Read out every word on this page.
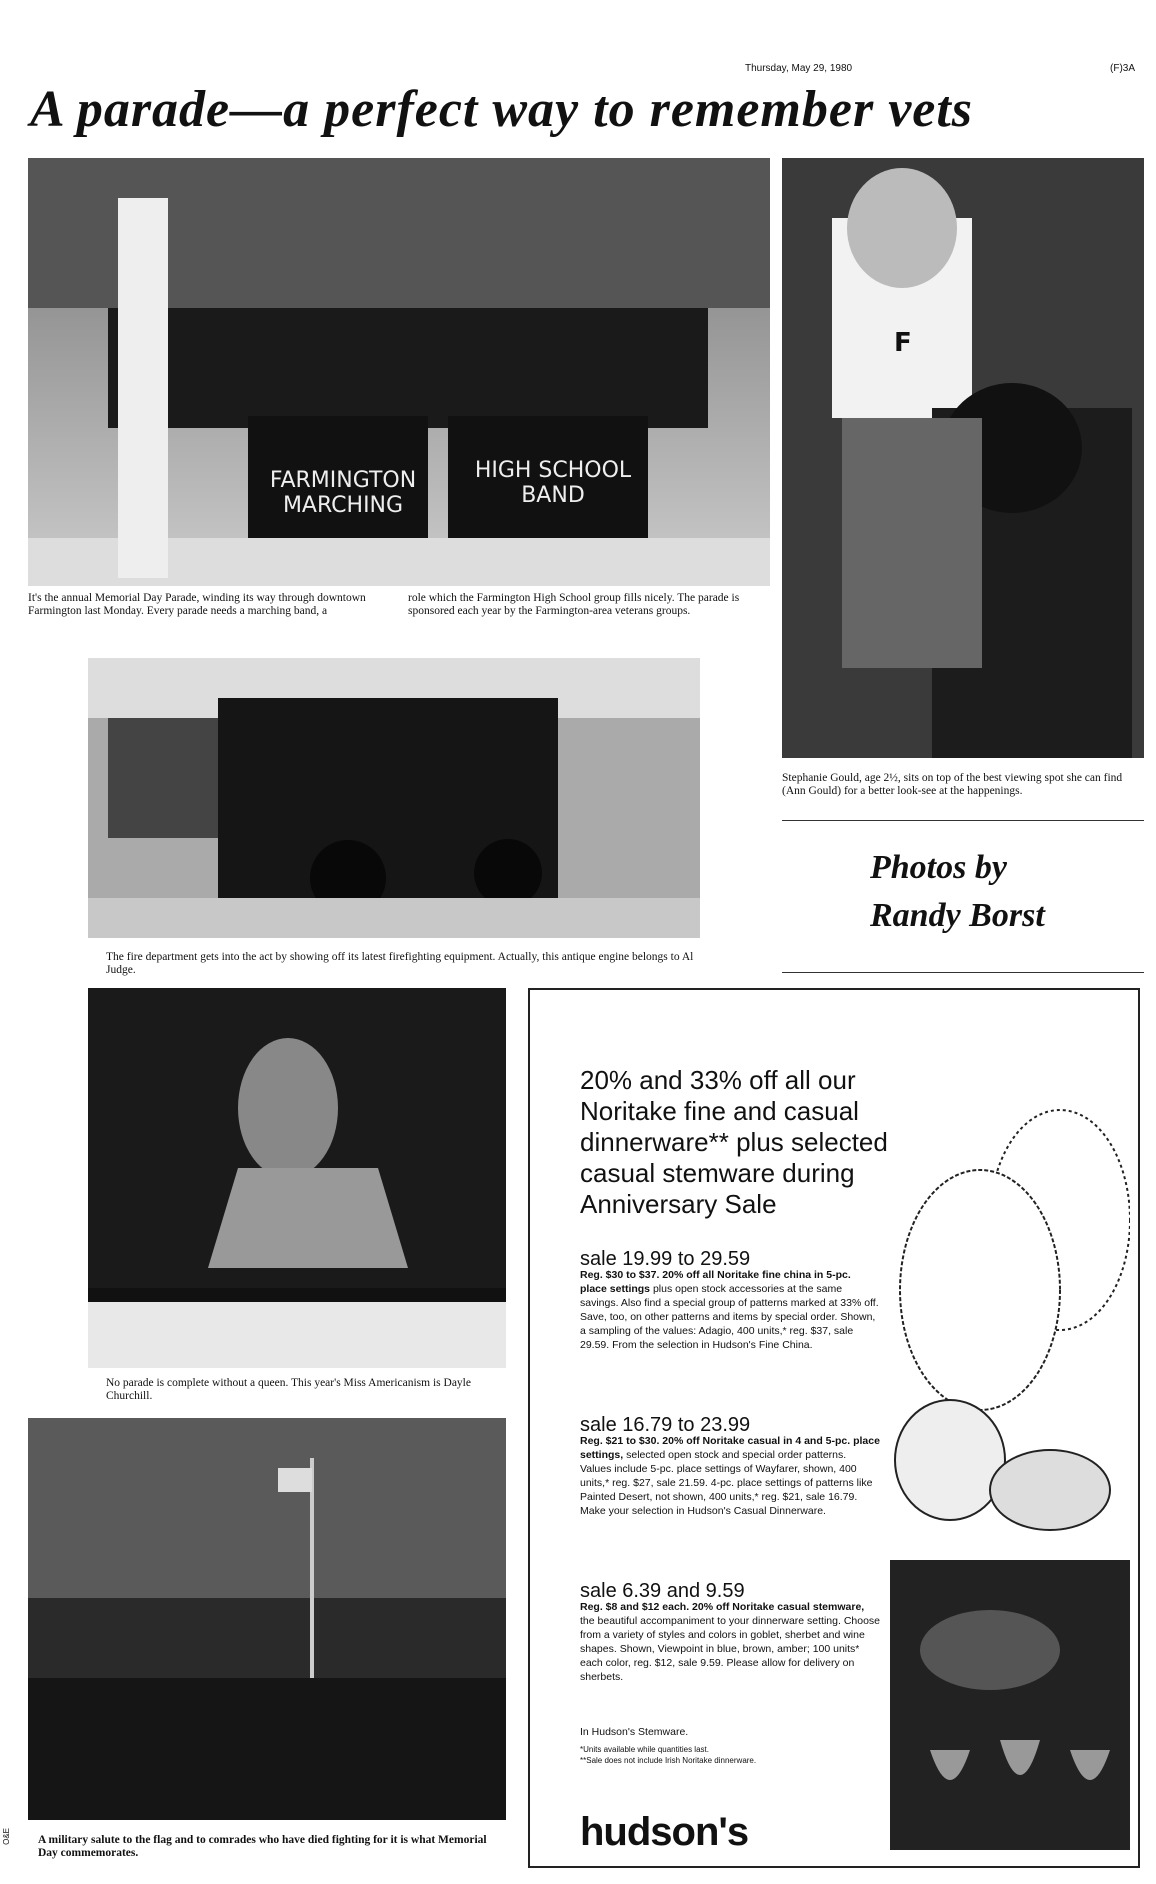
Thursday, May 29, 1980	(F)3A
A parade—a perfect way to remember vets
FARMINGTON MARCHING
HIGH SCHOOL BAND
It's the annual Memorial Day Parade, winding its way through downtown Farmington last Monday. Every parade needs a marching band, a
role which the Farmington High School group fills nicely. The parade is sponsored each year by the Farmington-area veterans groups.
F
Stephanie Gould, age 2½, sits on top of the best viewing spot she can find (Ann Gould) for a better look-see at the happenings.
Photos by
Randy Borst
The fire department gets into the act by showing off its latest firefighting equipment. Actually, this antique engine belongs to Al Judge.
No parade is complete without a queen. This year's Miss Americanism is Dayle Churchill.
A military salute to the flag and to comrades who have died fighting for it is what Memorial Day commemorates.
O&E
20% and 33% off all our Noritake fine and casual dinnerware** plus selected casual stemware during Anniversary Sale
sale 19.99 to 29.59

Reg. $30 to $37. 20% off all Noritake fine china in 5-pc. place settings plus open stock accessories at the same savings. Also find a special group of patterns marked at 33% off. Save, too, on other patterns and items by special order. Shown, a sampling of the values: Adagio, 400 units,* reg. $37, sale 29.59. From the selection in Hudson's Fine China.

sale 16.79 to 23.99

Reg. $21 to $30. 20% off Noritake casual in 4 and 5-pc. place settings, selected open stock and special order patterns. Values include 5-pc. place settings of Wayfarer, shown, 400 units,* reg. $27, sale 21.59. 4-pc. place settings of patterns like Painted Desert, not shown, 400 units,* reg. $21, sale 16.79. Make your selection in Hudson's Casual Dinnerware.

sale 6.39 and 9.59

Reg. $8 and $12 each. 20% off Noritake casual stemware, the beautiful accompaniment to your dinnerware setting. Choose from a variety of styles and colors in goblet, sherbet and wine shapes. Shown, Viewpoint in blue, brown, amber; 100 units* each color, reg. $12, sale 9.59. Please allow for delivery on sherbets.

In Hudson's Stemware.
*Units available while quantities last.
**Sale does not include Irish Noritake dinnerware.
hudson's
